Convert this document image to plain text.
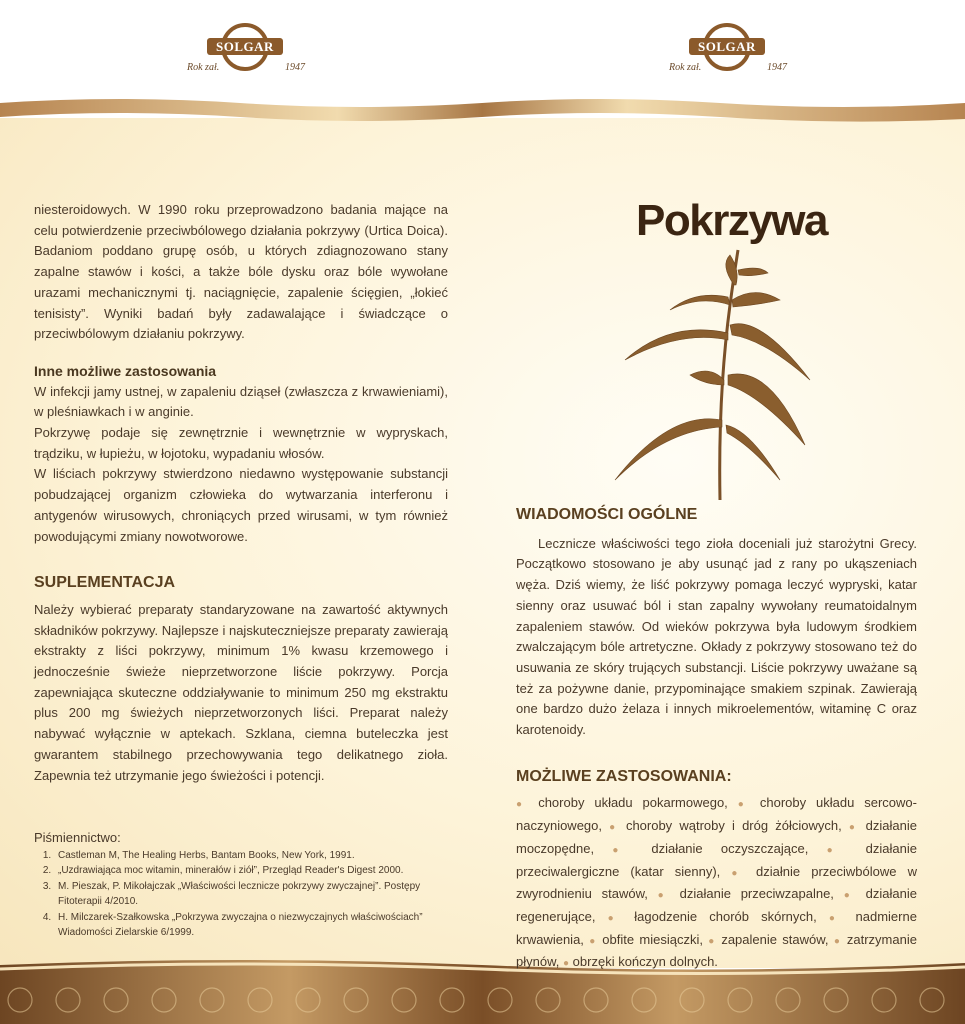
SOLGAR
Rok zał.	1947
SOLGAR
Rok zał.	1947

niesteroidowych. W 1990 roku przeprowadzono badania mające na celu potwierdzenie przeciwbólowego działania pokrzywy (Urtica Doica). Badaniom poddano grupę osób, u których zdiagnozowano stany zapalne stawów i kości, a także bóle dysku oraz bóle wywołane urazami mechanicznymi tj. naciągnięcie, zapalenie ścięgien, „łokieć tenisisty”. Wyniki badań były zadawalające i świadczące o przeciwbólowym działaniu pokrzywy.

Inne możliwe zastosowania

W infekcji jamy ustnej, w zapaleniu dziąseł (zwłaszcza z krwawieniami), w pleśniawkach i w anginie.

Pokrzywę podaje się zewnętrznie i wewnętrznie w wypryskach, trądziku, w łupieżu, w łojotoku, wypadaniu włosów.

W liściach pokrzywy stwierdzono niedawno występowanie substancji pobudzającej organizm człowieka do wytwarzania interferonu i antygenów wirusowych, chroniących przed wirusami, w tym również powodującymi zmiany nowotworowe.

SUPLEMENTACJA

Należy wybierać preparaty standaryzowane na zawartość aktywnych składników pokrzywy. Najlepsze i najskuteczniejsze preparaty zawierają ekstrakty z liści pokrzywy, minimum 1% kwasu krzemowego i jednocześnie świeże nieprzetworzone liście pokrzywy. Porcja zapewniająca skuteczne oddziaływanie to minimum 250 mg ekstraktu plus 200 mg świeżych nieprzetworzonych liści. Preparat należy nabywać wyłącznie w aptekach. Szklana, ciemna buteleczka jest gwarantem stabilnego przechowywania tego delikatnego zioła. Zapewnia też utrzymanie jego świeżości i potencji.

Piśmiennictwo:
1. Castleman M, The Healing Herbs, Bantam Books, New York, 1991.
2. „Uzdrawiająca moc witamin, minerałów i ziół”, Przegląd Reader's Digest 2000.
3. M. Pieszak, P. Mikołajczak „Właściwości lecznicze pokrzywy zwyczajnej”. Postępy Fitoterapii 4/2010.
4. H. Milczarek-Szałkowska „Pokrzywa zwyczajna o niezwyczajnych właściwościach” Wiadomości Zielarskie 6/1999.
Pokrzywa
WIADOMOŚCI OGÓLNE

Lecznicze właściwości tego zioła doceniali już starożytni Grecy. Początkowo stosowano je aby usunąć jad z rany po ukąszeniach węża. Dziś wiemy, że liść pokrzywy pomaga leczyć wypryski, katar sienny oraz usuwać ból i stan zapalny wywołany reumatoidalnym zapaleniem stawów. Od wieków pokrzywa była ludowym środkiem zwalczającym bóle artretyczne. Okłady z pokrzywy stosowano też do usuwania ze skóry trujących substancji. Liście pokrzywy uważane są też za pożywne danie, przypominające smakiem szpinak. Zawierają one bardzo dużo żelaza i innych mikroelementów, witaminę C oraz karotenoidy.

MOŻLIWE ZASTOSOWANIA:

● choroby układu pokarmowego, ● choroby układu sercowo-naczyniowego, ● choroby wątroby i dróg żółciowych, ● działanie moczopędne, ● działanie oczyszczające, ● działanie przeciwalergiczne (katar sienny), ● działnie przeciwbólowe w zwyrodnieniu stawów, ● działanie przeciwzapalne, ● działanie regenerujące, ● łagodzenie chorób skórnych, ● nadmierne krwawienia, ● obfite miesiączki, ● zapalenie stawów, ● zatrzymanie płynów, ● obrzęki kończyn dolnych.
